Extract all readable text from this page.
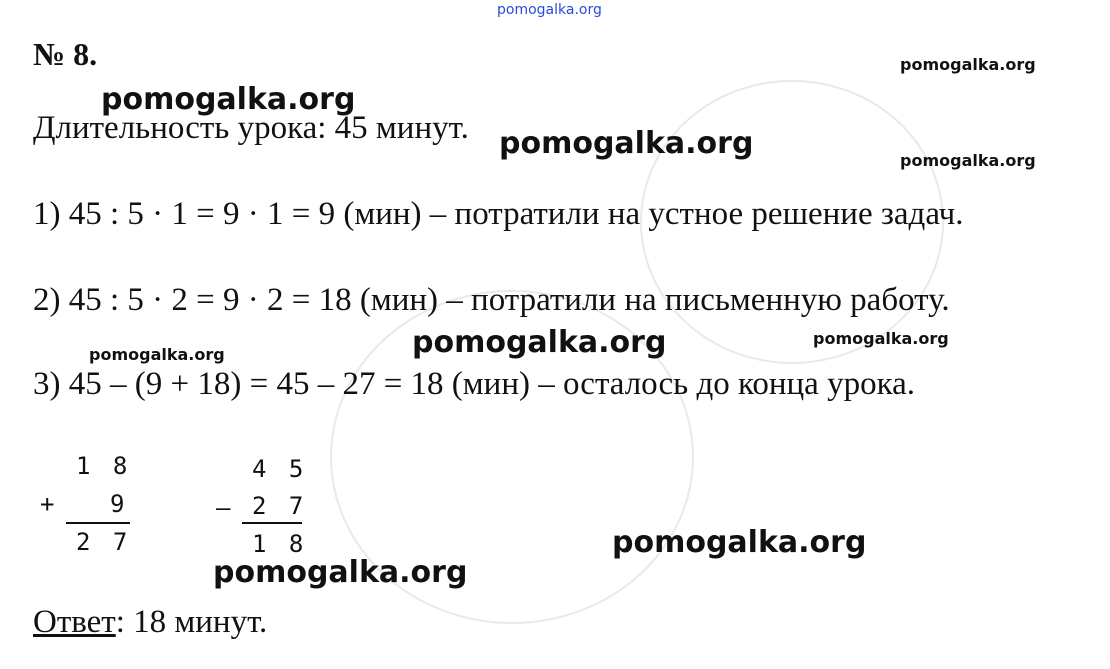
pomogalka.org
pomogalka.org
pomogalka.org
pomogalka.org	pomogalka.org
pomogalka.org
pomogalka.org
pomogalka.org
pomogalka.org
pomogalka.org
№ 8.
Длительность урока: 45 минут.
1) 45 : 5 · 1 = 9 · 1 = 9 (мин) – потратили на устное решение задач.
2) 45 : 5 · 2 = 9 · 2 = 18 (мин) – потратили на письменную работу.
3) 45 – (9 + 18) = 45 – 27 = 18 (мин) – осталось до конца урока.
1 8
+ 9
2 7
4 5
– 2 7
1 8
Ответ: 18 минут.
